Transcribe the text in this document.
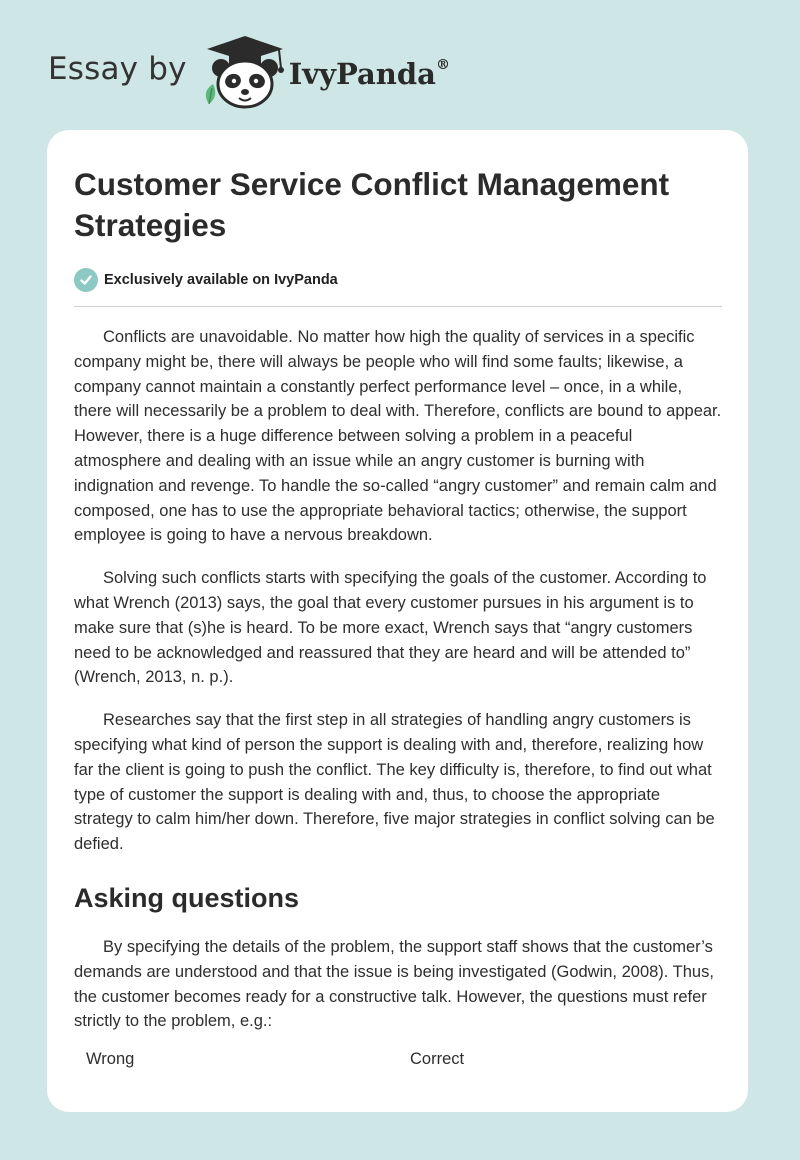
Essay by	IvyPanda®
Customer Service Conflict Management Strategies
Exclusively available on IvyPanda

Conflicts are unavoidable. No matter how high the quality of services in a specific company might be, there will always be people who will find some faults; likewise, a company cannot maintain a constantly perfect performance level – once, in a while, there will necessarily be a problem to deal with. Therefore, conflicts are bound to appear. However, there is a huge difference between solving a problem in a peaceful atmosphere and dealing with an issue while an angry customer is burning with indignation and revenge. To handle the so-called “angry customer” and remain calm and composed, one has to use the appropriate behavioral tactics; otherwise, the support employee is going to have a nervous breakdown.

Solving such conflicts starts with specifying the goals of the customer. According to what Wrench (2013) says, the goal that every customer pursues in his argument is to make sure that (s)he is heard. To be more exact, Wrench says that “angry customers need to be acknowledged and reassured that they are heard and will be attended to” (Wrench, 2013, n. p.).

Researches say that the first step in all strategies of handling angry customers is specifying what kind of person the support is dealing with and, therefore, realizing how far the client is going to push the conflict. The key difficulty is, therefore, to find out what type of customer the support is dealing with and, thus, to choose the appropriate strategy to calm him/her down. Therefore, five major strategies in conflict solving can be defied.

Asking questions

By specifying the details of the problem, the support staff shows that the customer’s demands are understood and that the issue is being investigated (Godwin, 2008). Thus, the customer becomes ready for a constructive talk. However, the questions must refer strictly to the problem, e.g.:

Wrong	Correct
